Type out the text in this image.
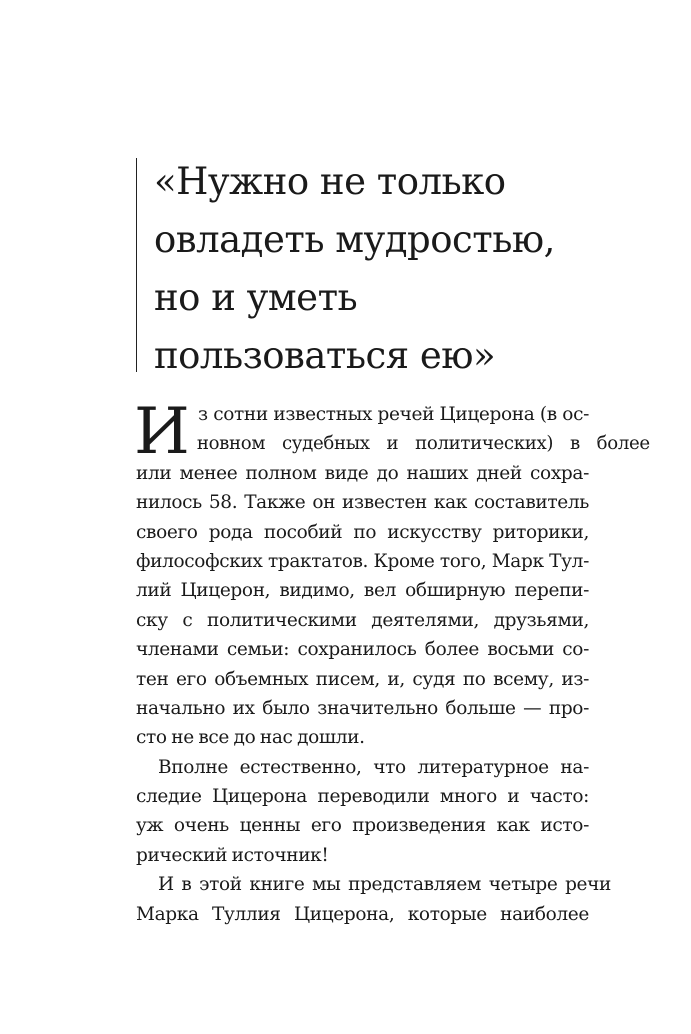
«Нужно не только
овладеть мудростью,
но и уметь
пользоваться ею»
И з сотни известных речей Цицерона (в ос-
новном судебных и политических) в более
или менее полном виде до наших дней сохра-
нилось 58. Также он известен как составитель
своего рода пособий по искусству риторики,
философских трактатов. Кроме того, Марк Тул-
лий Цицерон, видимо, вел обширную перепи-
ску с политическими деятелями, друзьями,
членами семьи: сохранилось более восьми со-
тен его объемных писем, и, судя по всему, из-
начально их было значительно больше — про-
сто не все до нас дошли.
Вполне естественно, что литературное на-
следие Цицерона переводили много и часто:
уж очень ценны его произведения как исто-
рический источник!
И в этой книге мы представляем четыре речи
Марка Туллия Цицерона, которые наиболее
